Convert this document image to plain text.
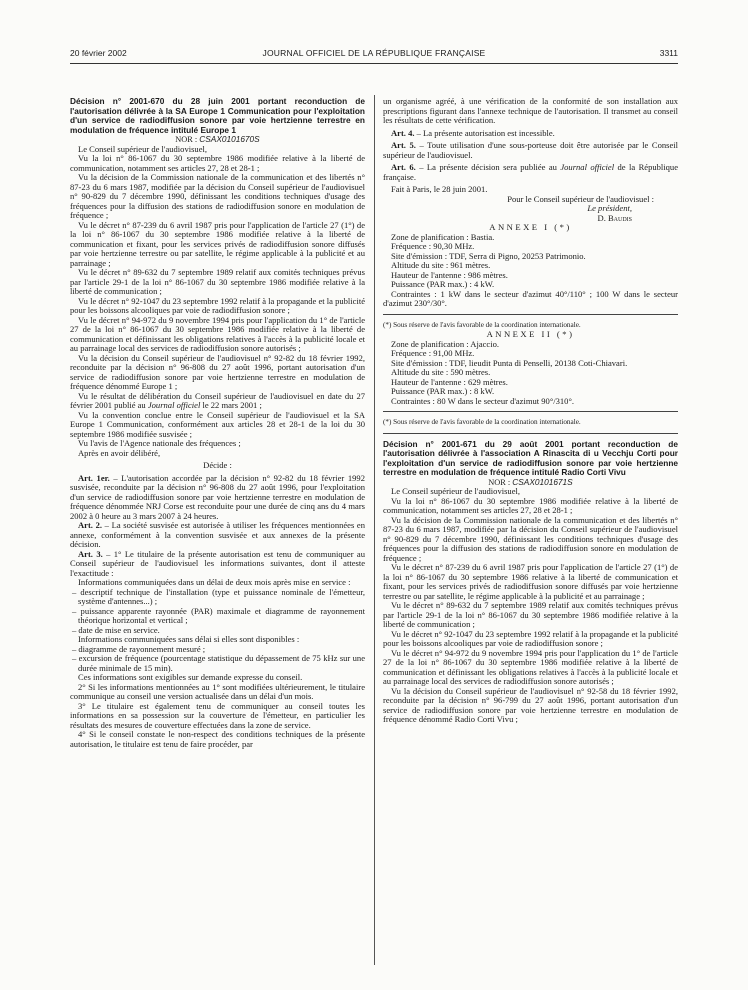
20 février 2002	JOURNAL OFFICIEL DE LA RÉPUBLIQUE FRANÇAISE	3311

Décision n° 2001-670 du 28 juin 2001 portant reconduction de l'autorisation délivrée à la SA Europe 1 Communication pour l'exploitation d'un service de radiodiffusion sonore par voie hertzienne terrestre en modulation de fréquence intitulé Europe 1

NOR : CSAX0101670S

Le Conseil supérieur de l'audiovisuel,

Vu la loi n° 86-1067 du 30 septembre 1986 modifiée relative à la liberté de communication, notamment ses articles 27, 28 et 28-1 ;

Vu la décision de la Commission nationale de la communication et des libertés n° 87-23 du 6 mars 1987, modifiée par la décision du Conseil supérieur de l'audiovisuel n° 90-829 du 7 décembre 1990, définissant les conditions techniques d'usage des fréquences pour la diffusion des stations de radiodiffusion sonore en modulation de fréquence ;

Vu le décret n° 87-239 du 6 avril 1987 pris pour l'application de l'article 27 (1°) de la loi n° 86-1067 du 30 septembre 1986 modifiée relative à la liberté de communication et fixant, pour les services privés de radiodiffusion sonore diffusés par voie hertzienne terrestre ou par satellite, le régime applicable à la publicité et au parrainage ;

Vu le décret n° 89-632 du 7 septembre 1989 relatif aux comités techniques prévus par l'article 29-1 de la loi n° 86-1067 du 30 septembre 1986 modifiée relative à la liberté de communication ;

Vu le décret n° 92-1047 du 23 septembre 1992 relatif à la propagande et la publicité pour les boissons alcooliques par voie de radiodiffusion sonore ;

Vu le décret n° 94-972 du 9 novembre 1994 pris pour l'application du 1° de l'article 27 de la loi n° 86-1067 du 30 septembre 1986 modifiée relative à la liberté de communication et définissant les obligations relatives à l'accès à la publicité locale et au parrainage local des services de radiodiffusion sonore autorisés ;

Vu la décision du Conseil supérieur de l'audiovisuel n° 92-82 du 18 février 1992, reconduite par la décision n° 96-808 du 27 août 1996, portant autorisation d'un service de radiodiffusion sonore par voie hertzienne terrestre en modulation de fréquence dénommé Europe 1 ;

Vu le résultat de délibération du Conseil supérieur de l'audiovisuel en date du 27 février 2001 publié au Journal officiel le 22 mars 2001 ;

Vu la convention conclue entre le Conseil supérieur de l'audiovisuel et la SA Europe 1 Communication, conformément aux articles 28 et 28-1 de la loi du 30 septembre 1986 modifiée susvisée ;

Vu l'avis de l'Agence nationale des fréquences ;

Après en avoir délibéré,

Décide :

Art. 1er. – L'autorisation accordée par la décision n° 92-82 du 18 février 1992 susvisée, reconduite par la décision n° 96-808 du 27 août 1996, pour l'exploitation d'un service de radiodiffusion sonore par voie hertzienne terrestre en modulation de fréquence dénommée NRJ Corse est reconduite pour une durée de cinq ans du 4 mars 2002 à 0 heure au 3 mars 2007 à 24 heures.

Art. 2. – La société susvisée est autorisée à utiliser les fréquences mentionnées en annexe, conformément à la convention susvisée et aux annexes de la présente décision.

Art. 3. – 1° Le titulaire de la présente autorisation est tenu de communiquer au Conseil supérieur de l'audiovisuel les informations suivantes, dont il atteste l'exactitude :

Informations communiquées dans un délai de deux mois après mise en service :

– descriptif technique de l'installation (type et puissance nominale de l'émetteur, système d'antennes...) ;

– puissance apparente rayonnée (PAR) maximale et diagramme de rayonnement théorique horizontal et vertical ;

– date de mise en service.

Informations communiquées sans délai si elles sont disponibles :

– diagramme de rayonnement mesuré ;

– excursion de fréquence (pourcentage statistique du dépassement de 75 kHz sur une durée minimale de 15 min).

Ces informations sont exigibles sur demande expresse du conseil.

2° Si les informations mentionnées au 1° sont modifiées ultérieurement, le titulaire communique au conseil une version actualisée dans un délai d'un mois.

3° Le titulaire est également tenu de communiquer au conseil toutes les informations en sa possession sur la couverture de l'émetteur, en particulier les résultats des mesures de couverture effectuées dans la zone de service.

4° Si le conseil constate le non-respect des conditions techniques de la présente autorisation, le titulaire est tenu de faire procéder, par

un organisme agréé, à une vérification de la conformité de son installation aux prescriptions figurant dans l'annexe technique de l'autorisation. Il transmet au conseil les résultats de cette vérification.

Art. 4. – La présente autorisation est incessible.

Art. 5. – Toute utilisation d'une sous-porteuse doit être autorisée par le Conseil supérieur de l'audiovisuel.

Art. 6. – La présente décision sera publiée au Journal officiel de la République française.

Fait à Paris, le 28 juin 2001.

Pour le Conseil supérieur de l'audiovisuel :

Le président,

D. Baudis

ANNEXE I (*)

Zone de planification : Bastia.

Fréquence : 90,30 MHz.

Site d'émission : TDF, Serra di Pigno, 20253 Patrimonio.

Altitude du site : 961 mètres.

Hauteur de l'antenne : 986 mètres.

Puissance (PAR max.) : 4 kW.

Contraintes : 1 kW dans le secteur d'azimut 40°/110° ; 100 W dans le secteur d'azimut 230°/30°.

(*) Sous réserve de l'avis favorable de la coordination internationale.

ANNEXE II (*)

Zone de planification : Ajaccio.

Fréquence : 91,00 MHz.

Site d'émission : TDF, lieudit Punta di Penselli, 20138 Coti-Chiavari.

Altitude du site : 590 mètres.

Hauteur de l'antenne : 629 mètres.

Puissance (PAR max.) : 8 kW.

Contraintes : 80 W dans le secteur d'azimut 90°/310°.

(*) Sous réserve de l'avis favorable de la coordination internationale.

Décision n° 2001-671 du 29 août 2001 portant reconduction de l'autorisation délivrée à l'association A Rinascita di u Vecchju Corti pour l'exploitation d'un service de radiodiffusion sonore par voie hertzienne terrestre en modulation de fréquence intitulé Radio Corti Vivu

NOR : CSAX0101671S

Le Conseil supérieur de l'audiovisuel,

Vu la loi n° 86-1067 du 30 septembre 1986 modifiée relative à la liberté de communication, notamment ses articles 27, 28 et 28-1 ;

Vu la décision de la Commission nationale de la communication et des libertés n° 87-23 du 6 mars 1987, modifiée par la décision du Conseil supérieur de l'audiovisuel n° 90-829 du 7 décembre 1990, définissant les conditions techniques d'usage des fréquences pour la diffusion des stations de radiodiffusion sonore en modulation de fréquence ;

Vu le décret n° 87-239 du 6 avril 1987 pris pour l'application de l'article 27 (1°) de la loi n° 86-1067 du 30 septembre 1986 relative à la liberté de communication et fixant, pour les services privés de radiodiffusion sonore diffusés par voie hertzienne terrestre ou par satellite, le régime applicable à la publicité et au parrainage ;

Vu le décret n° 89-632 du 7 septembre 1989 relatif aux comités techniques prévus par l'article 29-1 de la loi n° 86-1067 du 30 septembre 1986 modifiée relative à la liberté de communication ;

Vu le décret n° 92-1047 du 23 septembre 1992 relatif à la propagande et la publicité pour les boissons alcooliques par voie de radiodiffusion sonore ;

Vu le décret n° 94-972 du 9 novembre 1994 pris pour l'application du 1° de l'article 27 de la loi n° 86-1067 du 30 septembre 1986 modifiée relative à la liberté de communication et définissant les obligations relatives à l'accès à la publicité locale et au parrainage local des services de radiodiffusion sonore autorisés ;

Vu la décision du Conseil supérieur de l'audiovisuel n° 92-58 du 18 février 1992, reconduite par la décision n° 96-799 du 27 août 1996, portant autorisation d'un service de radiodiffusion sonore par voie hertzienne terrestre en modulation de fréquence dénommé Radio Corti Vivu ;
